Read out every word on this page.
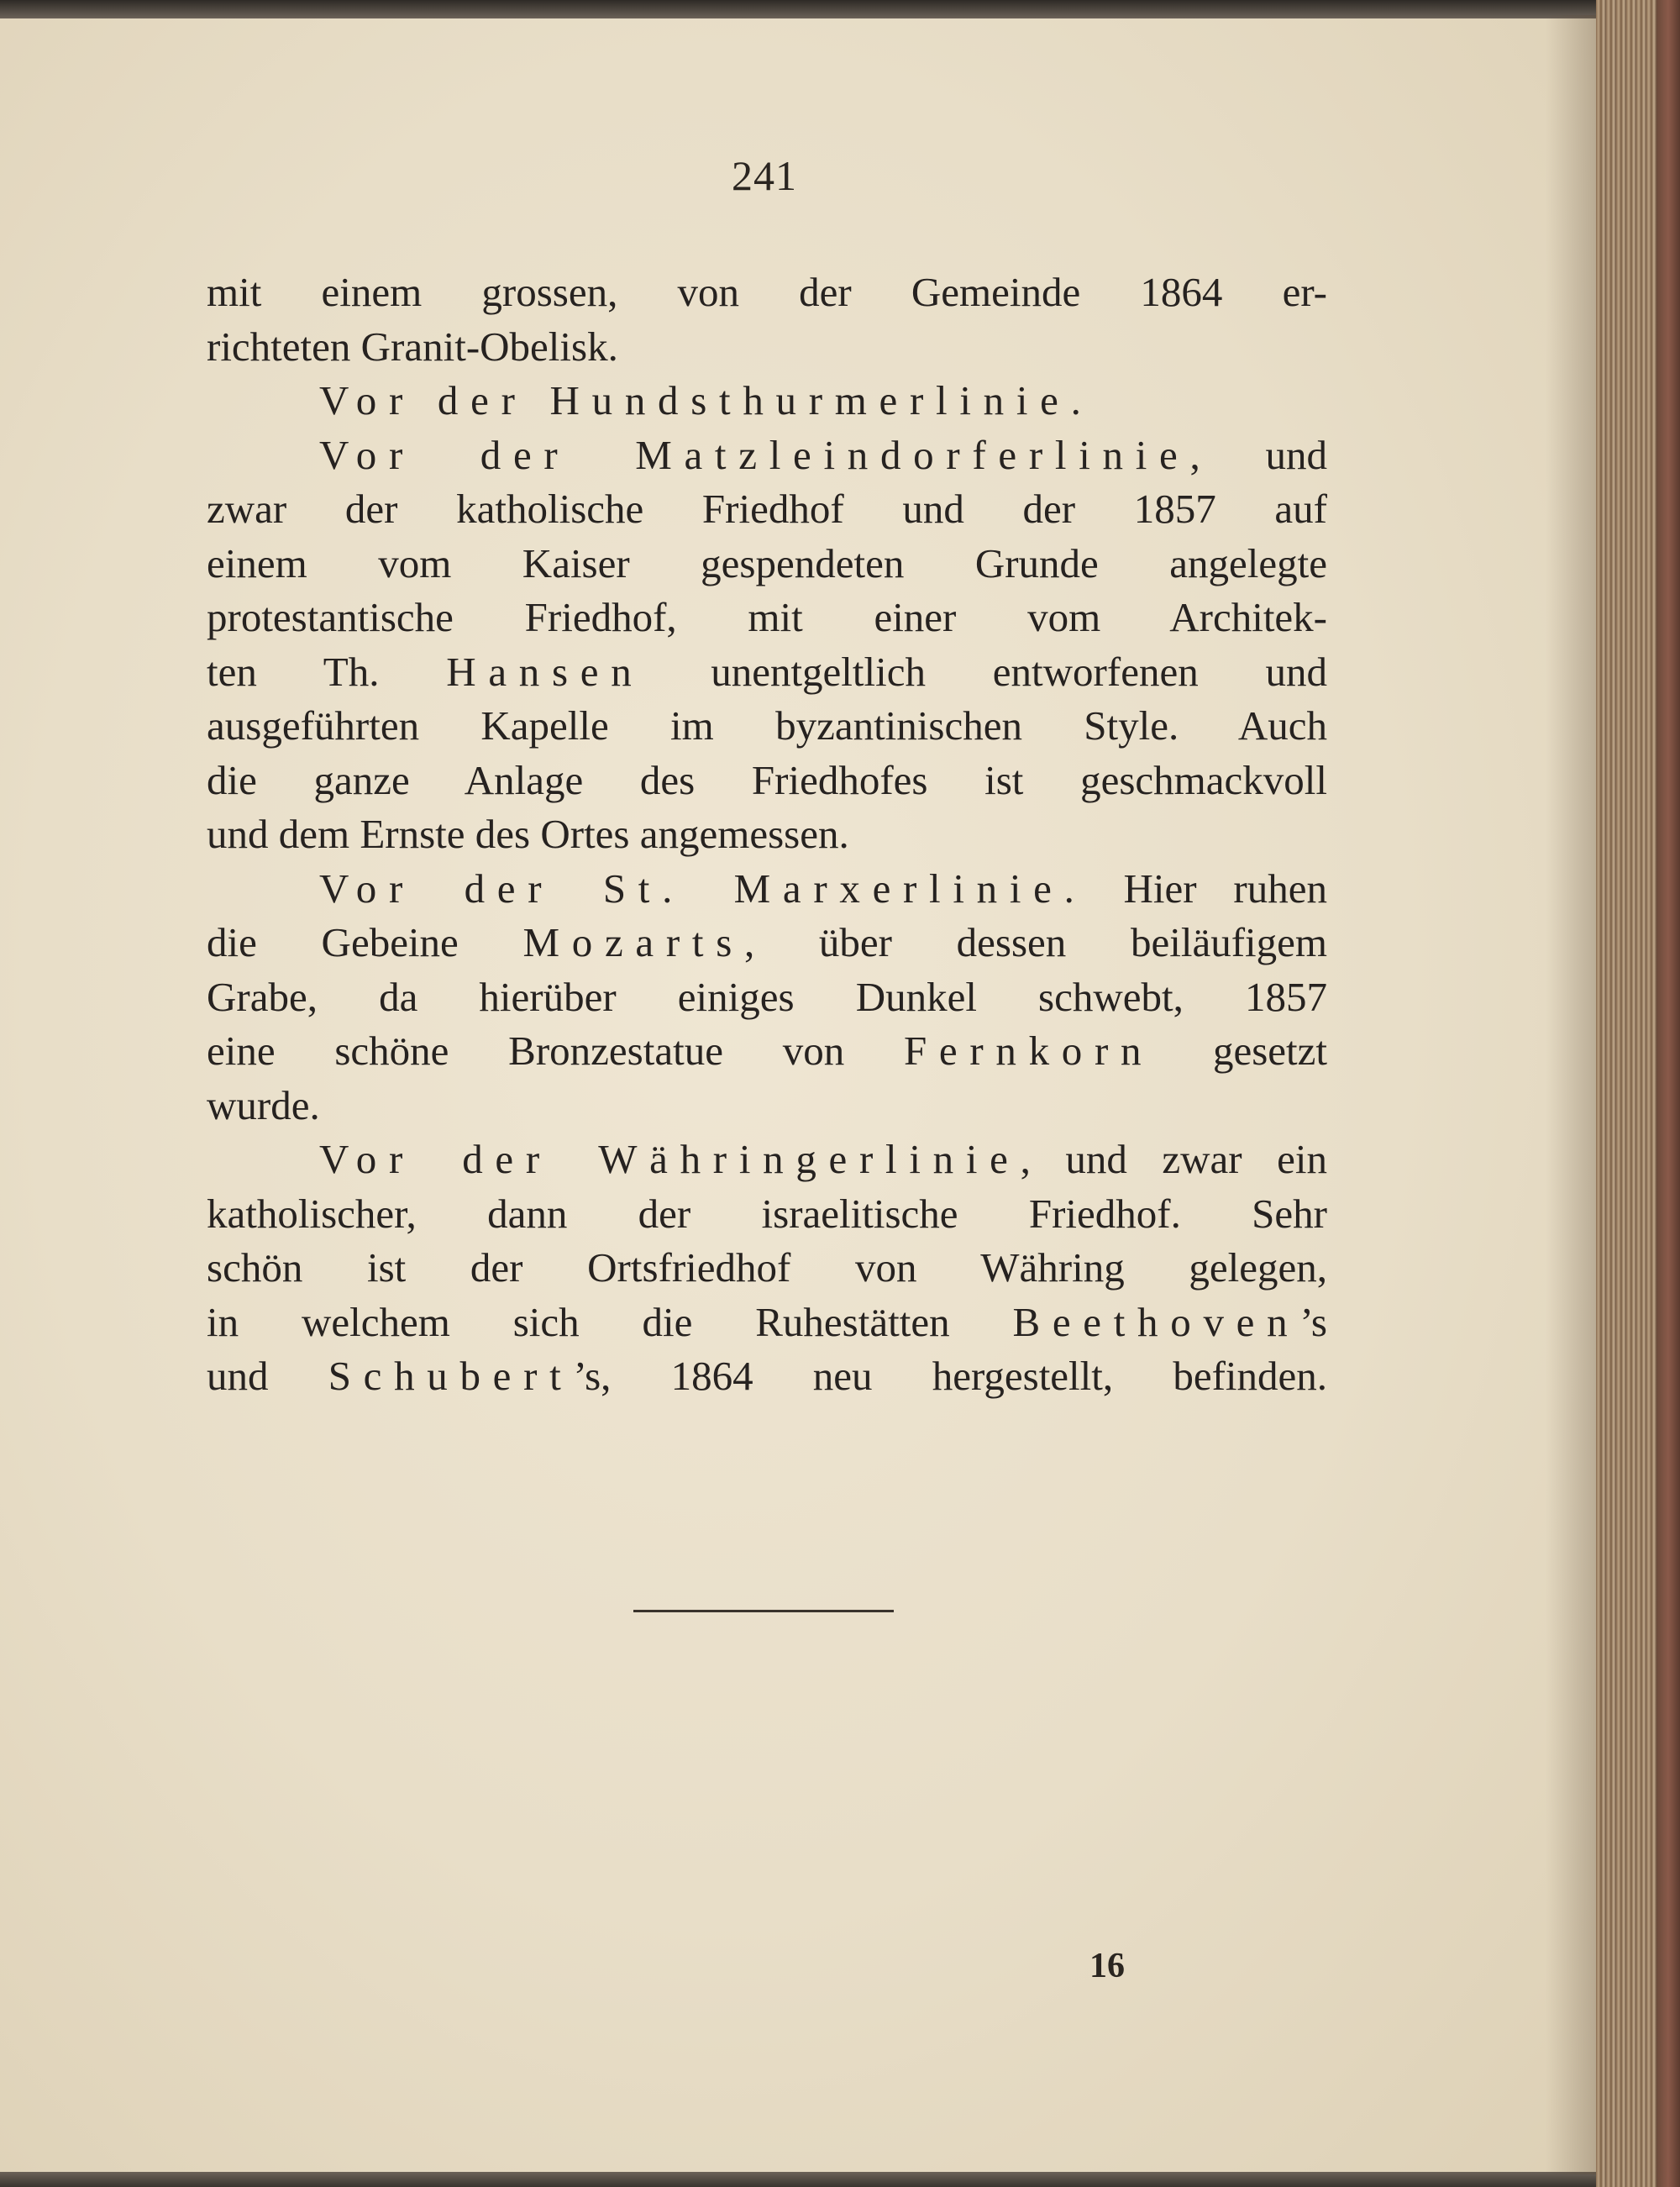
241
mit einem grossen, von der Gemeinde 1864 er-
richteten Granit-Obelisk.
Vor der Hundsthurmerlinie.
Vor der Matzleindorferlinie, und
zwar der katholische Friedhof und der 1857 auf
einem vom Kaiser gespendeten Grunde angelegte
protestantische Friedhof, mit einer vom Architek-
ten Th. Hansen unentgeltlich entworfenen und
ausgeführten Kapelle im byzantinischen Style. Auch
die ganze Anlage des Friedhofes ist geschmackvoll
und dem Ernste des Ortes angemessen.
Vor der St. Marxerlinie. Hier ruhen
die Gebeine Mozarts, über dessen beiläufigem
Grabe, da hierüber einiges Dunkel schwebt, 1857
eine schöne Bronzestatue von Fernkorn gesetzt
wurde.
Vor der Währingerlinie, und zwar ein
katholischer, dann der israelitische Friedhof. Sehr
schön ist der Ortsfriedhof von Währing gelegen,
in welchem sich die Ruhestätten Beethoven’s
und Schubert’s, 1864 neu hergestellt, befinden.
16
